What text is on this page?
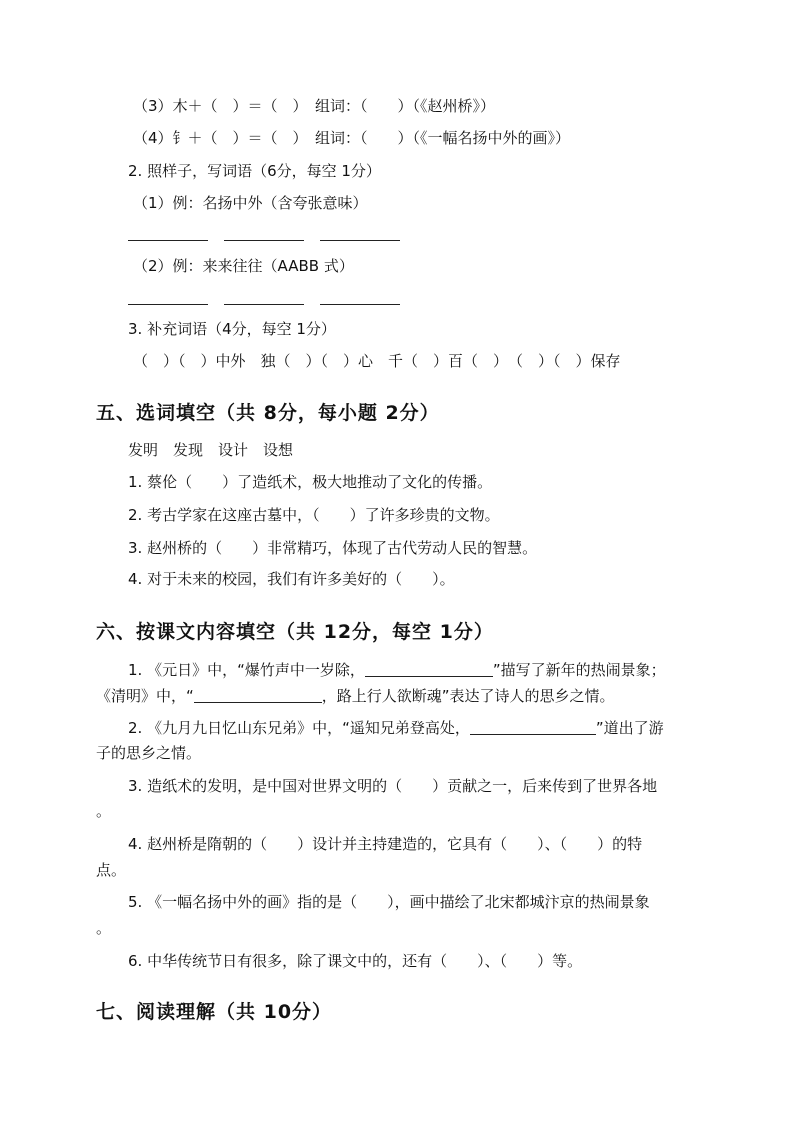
（3）木＋（　）＝（　）　组词：（　　）（《赵州桥》）
（4）钅＋（　）＝（　）　组词：（　　）（《一幅名扬中外的画》）
2. 照样子，写词语（6分，每空 1分）
（1）例：名扬中外（含夸张意味）
（2）例：来来往往（AABB 式）
3. 补充词语（4分，每空 1分）
（　）（　）中外　独（　）（　）心　千（　）百（　）　（　）（　）保存
五、选词填空（共 8分，每小题 2分）
发明　发现　设计　设想
1. 蔡伦（　　）了造纸术，极大地推动了文化的传播。
2. 考古学家在这座古墓中，（　　）了许多珍贵的文物。
3. 赵州桥的（　　）非常精巧，体现了古代劳动人民的智慧。
4. 对于未来的校园，我们有许多美好的（　　）。
六、按课文内容填空（共 12分，每空 1分）
1. 《元日》中，“爆竹声中一岁除，	”描写了新年的热闹景象；
《清明》中，“	，路上行人欲断魂”表达了诗人的思乡之情。
2. 《九月九日忆山东兄弟》中，“遥知兄弟登高处，	”道出了游
子的思乡之情。
3. 造纸术的发明，是中国对世界文明的（　　）贡献之一，后来传到了世界各地
。
4. 赵州桥是隋朝的（　　）设计并主持建造的，它具有（　　）、（　　）的特
点。
5. 《一幅名扬中外的画》指的是（　　），画中描绘了北宋都城汴京的热闹景象
。
6. 中华传统节日有很多，除了课文中的，还有（　　）、（　　）等。
七、阅读理解（共 10分）
